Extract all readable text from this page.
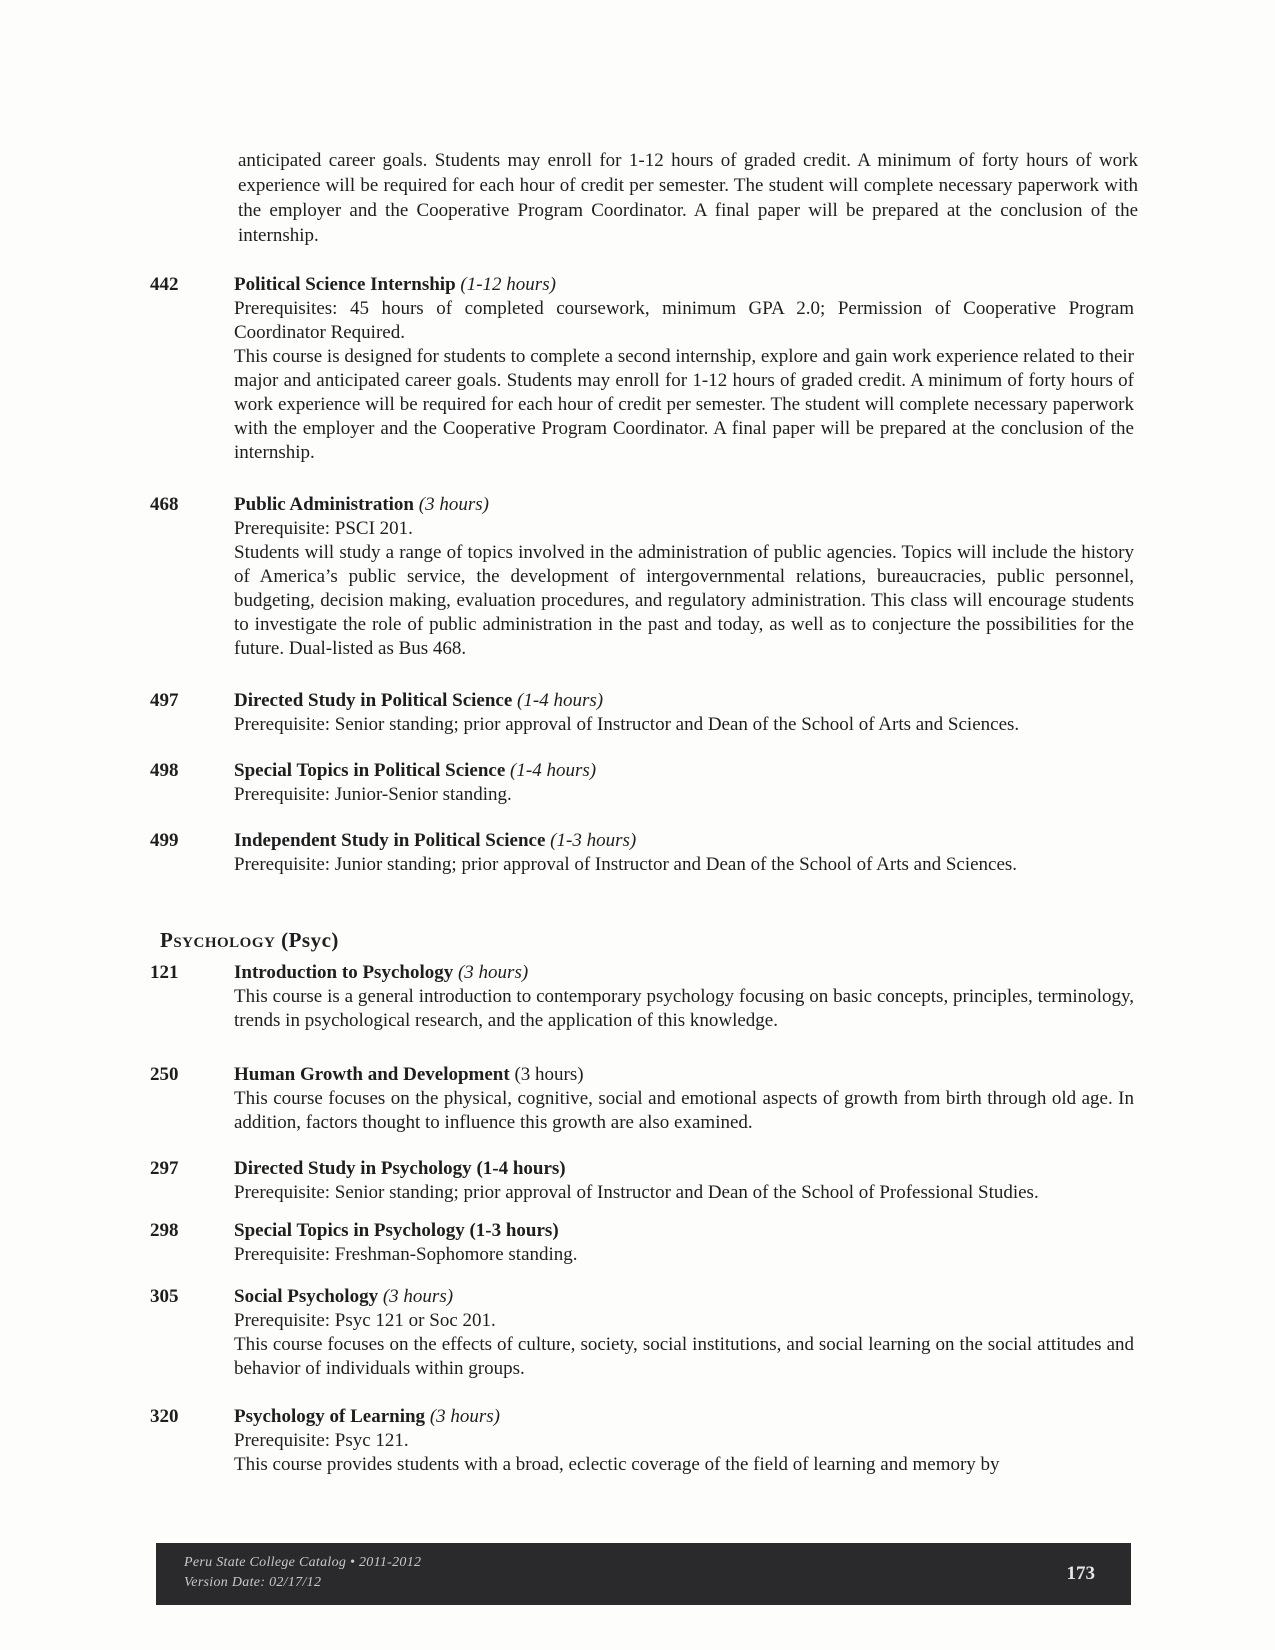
anticipated career goals. Students may enroll for 1-12 hours of graded credit. A minimum of forty hours of work experience will be required for each hour of credit per semester. The student will complete necessary paperwork with the employer and the Cooperative Program Coordinator. A final paper will be prepared at the conclusion of the internship.

442	Political Science Internship (1-12 hours)

Prerequisites: 45 hours of completed coursework, minimum GPA 2.0; Permission of Cooperative Program Coordinator Required.

This course is designed for students to complete a second internship, explore and gain work experience related to their major and anticipated career goals. Students may enroll for 1-12 hours of graded credit. A minimum of forty hours of work experience will be required for each hour of credit per semester. The student will complete necessary paperwork with the employer and the Cooperative Program Coordinator. A final paper will be prepared at the conclusion of the internship.

468	Public Administration (3 hours)

Prerequisite: PSCI 201.

Students will study a range of topics involved in the administration of public agencies. Topics will include the history of America’s public service, the development of intergovernmental relations, bureaucracies, public personnel, budgeting, decision making, evaluation procedures, and regulatory administration. This class will encourage students to investigate the role of public administration in the past and today, as well as to conjecture the possibilities for the future. Dual-listed as Bus 468.

497	Directed Study in Political Science (1-4 hours)

Prerequisite: Senior standing; prior approval of Instructor and Dean of the School of Arts and Sciences.

498	Special Topics in Political Science (1-4 hours)

Prerequisite: Junior-Senior standing.

499	Independent Study in Political Science (1-3 hours)

Prerequisite: Junior standing; prior approval of Instructor and Dean of the School of Arts and Sciences.

Psychology (Psyc)
121	Introduction to Psychology (3 hours)

This course is a general introduction to contemporary psychology focusing on basic concepts, principles, terminology, trends in psychological research, and the application of this knowledge.

250	Human Growth and Development (3 hours)

This course focuses on the physical, cognitive, social and emotional aspects of growth from birth through old age. In addition, factors thought to influence this growth are also examined.

297	Directed Study in Psychology (1-4 hours)

Prerequisite: Senior standing; prior approval of Instructor and Dean of the School of Professional Studies.

298	Special Topics in Psychology (1-3 hours)

Prerequisite: Freshman-Sophomore standing.

305	Social Psychology (3 hours)

Prerequisite: Psyc 121 or Soc 201.

This course focuses on the effects of culture, society, social institutions, and social learning on the social attitudes and behavior of individuals within groups.

320	Psychology of Learning (3 hours)

Prerequisite: Psyc 121.

This course provides students with a broad, eclectic coverage of the field of learning and memory by

Peru State College Catalog • 2011-2012
Version Date: 02/17/12	173
